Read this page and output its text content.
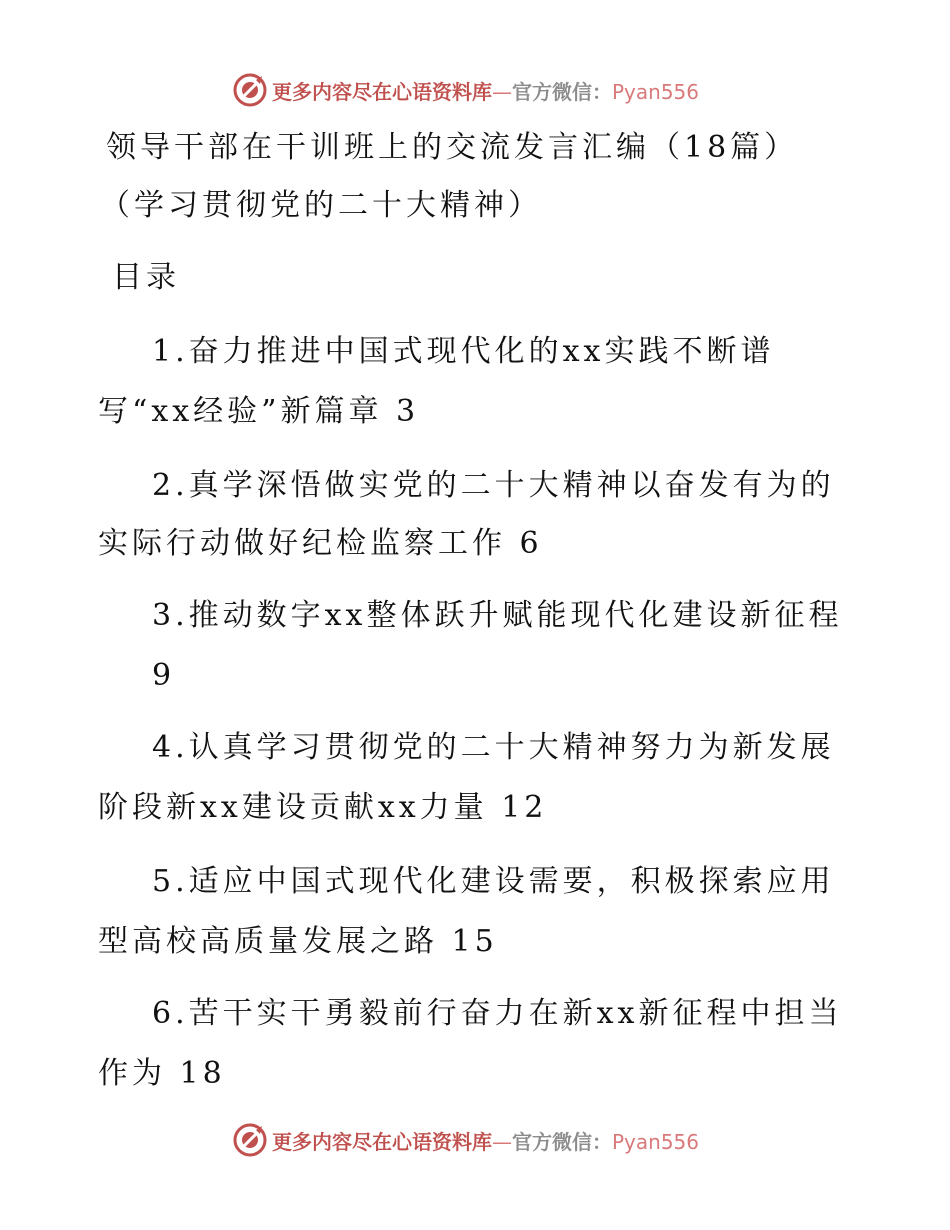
更多内容尽在心语资料库—官方微信：Pyan556
领导干部在干训班上的交流发言汇编（18篇）
（学习贯彻党的二十大精神）
目录
1.奋力推进中国式现代化的xx实践不断谱
写“xx经验”新篇章 3
2.真学深悟做实党的二十大精神以奋发有为的
实际行动做好纪检监察工作 6
3.推动数字xx整体跃升赋能现代化建设新征程
9
4.认真学习贯彻党的二十大精神努力为新发展
阶段新xx建设贡献xx力量 12
5.适应中国式现代化建设需要，积极探索应用
型高校高质量发展之路 15
6.苦干实干勇毅前行奋力在新xx新征程中担当
作为 18
更多内容尽在心语资料库—官方微信：Pyan556
